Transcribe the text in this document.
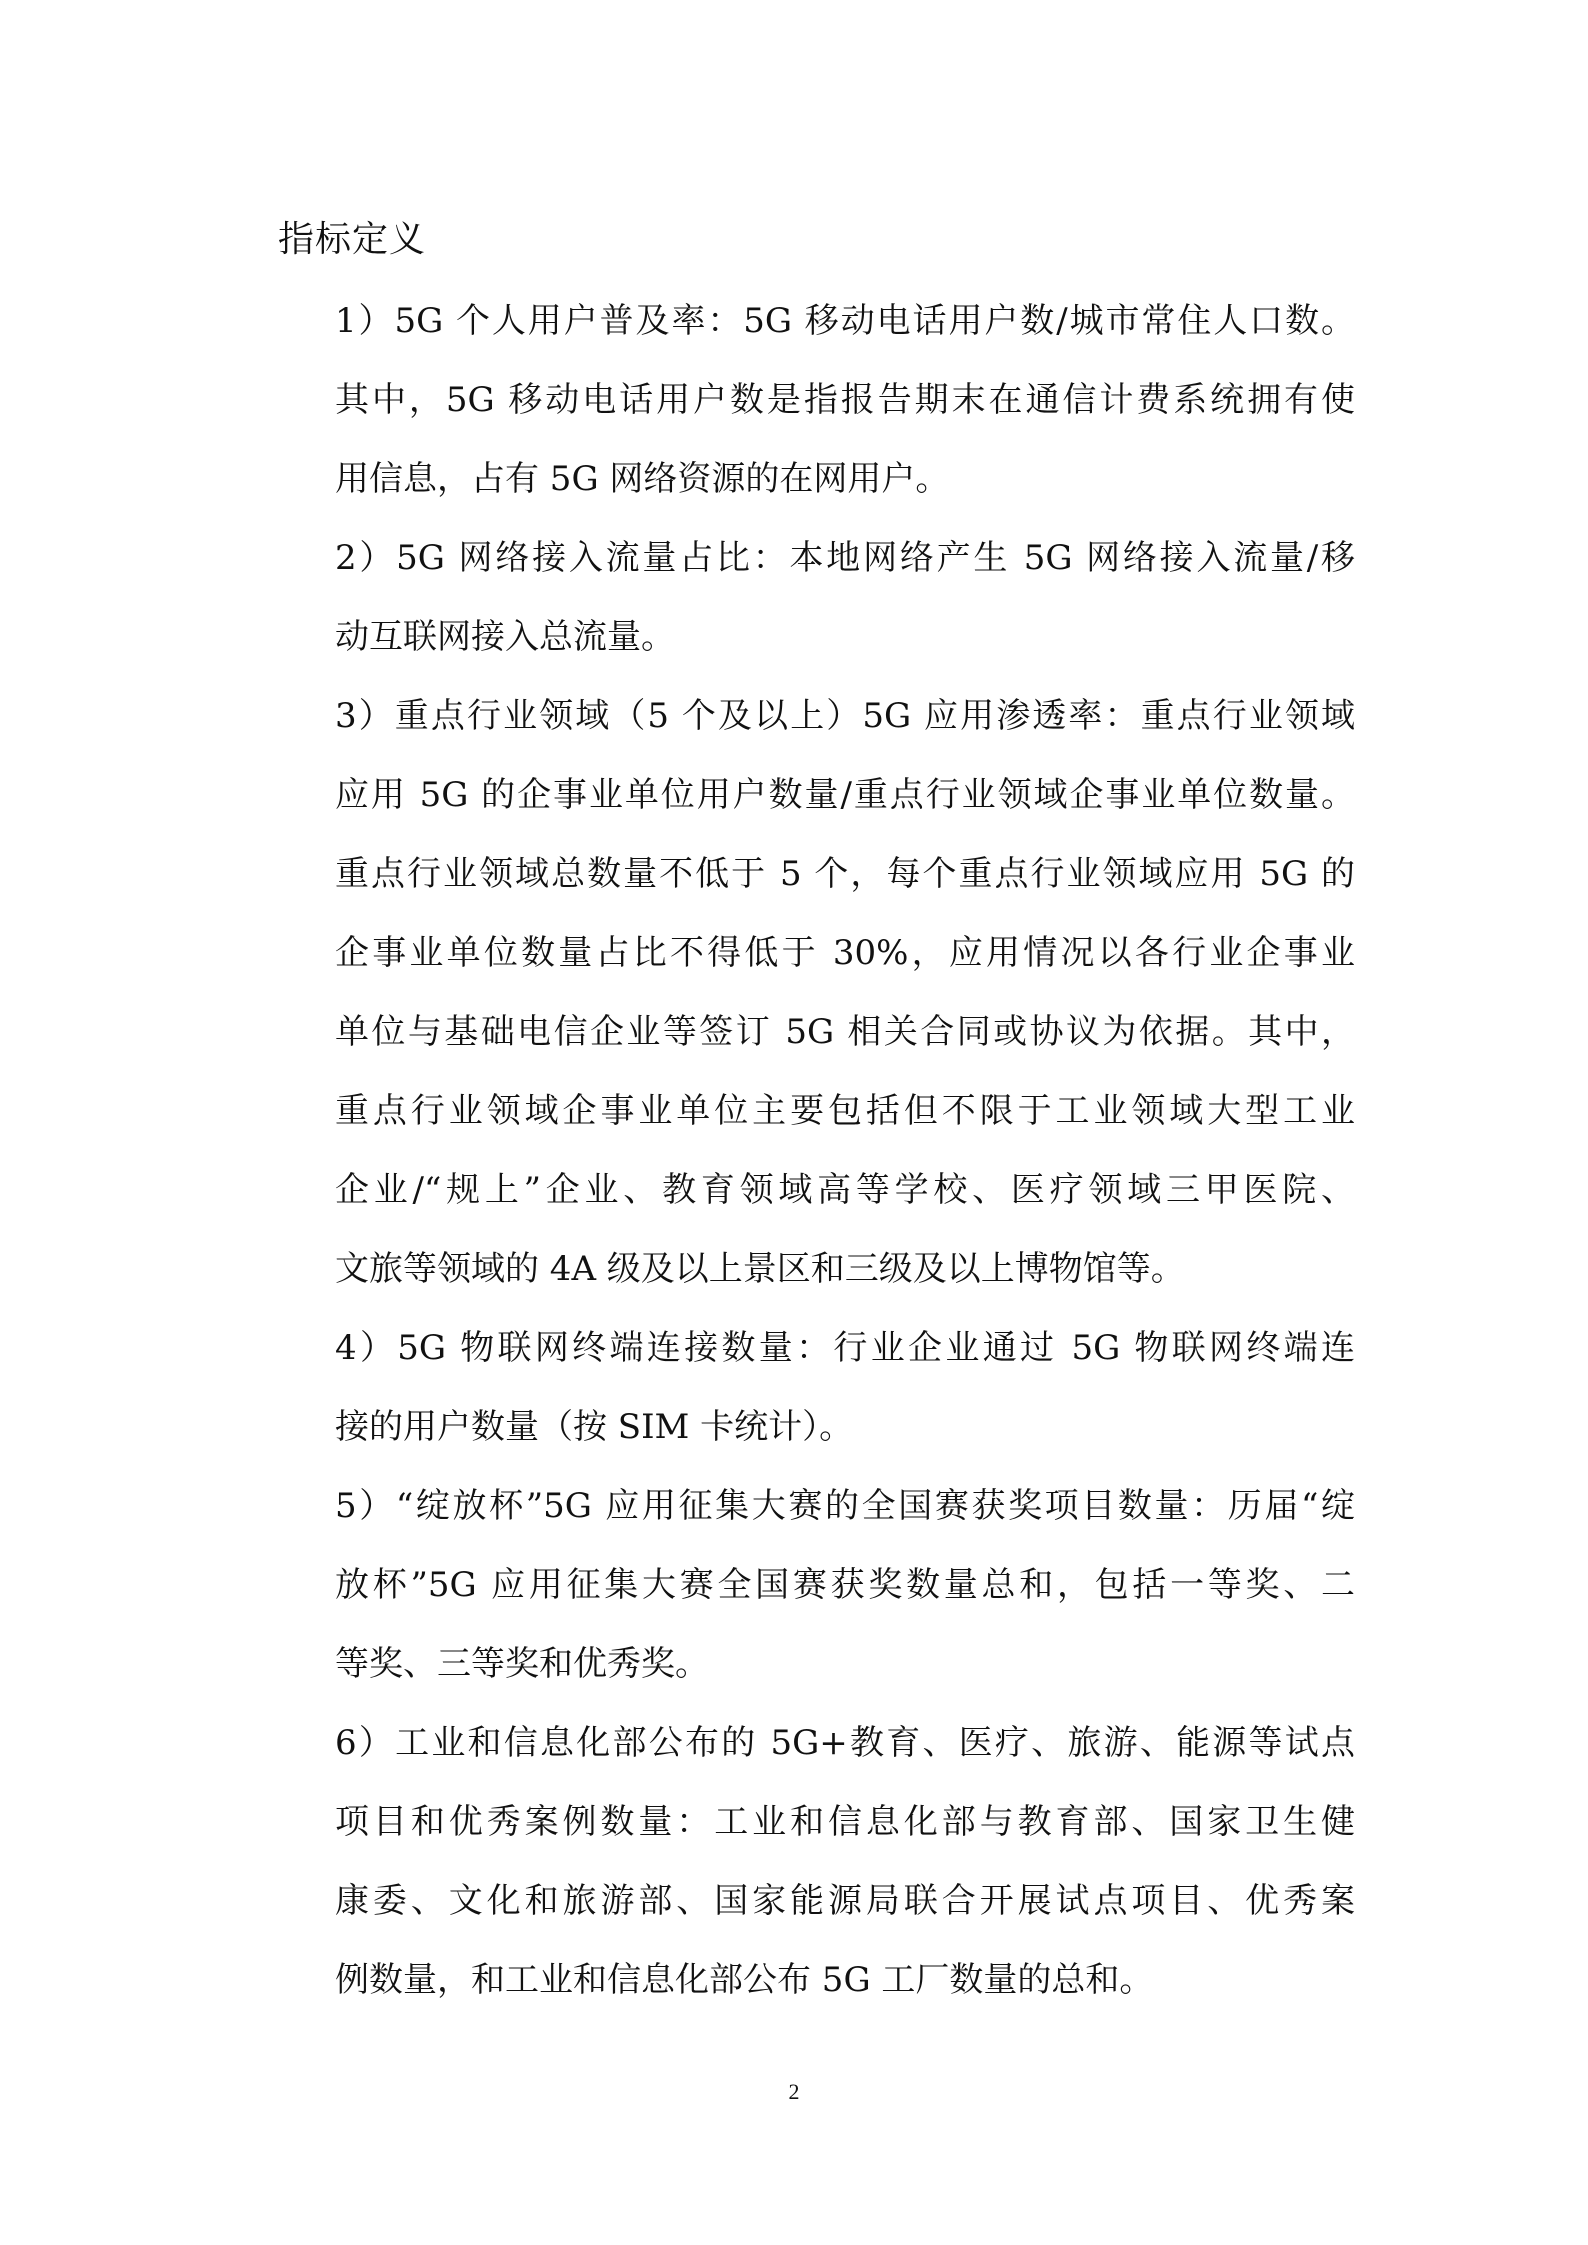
指标定义
1）5G 个人用户普及率：5G 移动电话用户数/城市常住人口数。
其中，5G 移动电话用户数是指报告期末在通信计费系统拥有使
用信息，占有 5G 网络资源的在网用户。
2）5G 网络接入流量占比：本地网络产生 5G 网络接入流量/移
动互联网接入总流量。
3）重点行业领域（5 个及以上）5G 应用渗透率：重点行业领域
应用 5G 的企事业单位用户数量/重点行业领域企事业单位数量。
重点行业领域总数量不低于 5 个，每个重点行业领域应用 5G 的
企事业单位数量占比不得低于 30%，应用情况以各行业企事业
单位与基础电信企业等签订 5G 相关合同或协议为依据。其中，
重点行业领域企事业单位主要包括但不限于工业领域大型工业
企业/“规上”企业、教育领域高等学校、医疗领域三甲医院、
文旅等领域的 4A 级及以上景区和三级及以上博物馆等。
4）5G 物联网终端连接数量：行业企业通过 5G 物联网终端连
接的用户数量（按 SIM 卡统计）。
5）“绽放杯”5G 应用征集大赛的全国赛获奖项目数量：历届“绽
放杯”5G 应用征集大赛全国赛获奖数量总和，包括一等奖、二
等奖、三等奖和优秀奖。
6）工业和信息化部公布的 5G+教育、医疗、旅游、能源等试点
项目和优秀案例数量：工业和信息化部与教育部、国家卫生健
康委、文化和旅游部、国家能源局联合开展试点项目、优秀案
例数量，和工业和信息化部公布 5G 工厂数量的总和。
2
